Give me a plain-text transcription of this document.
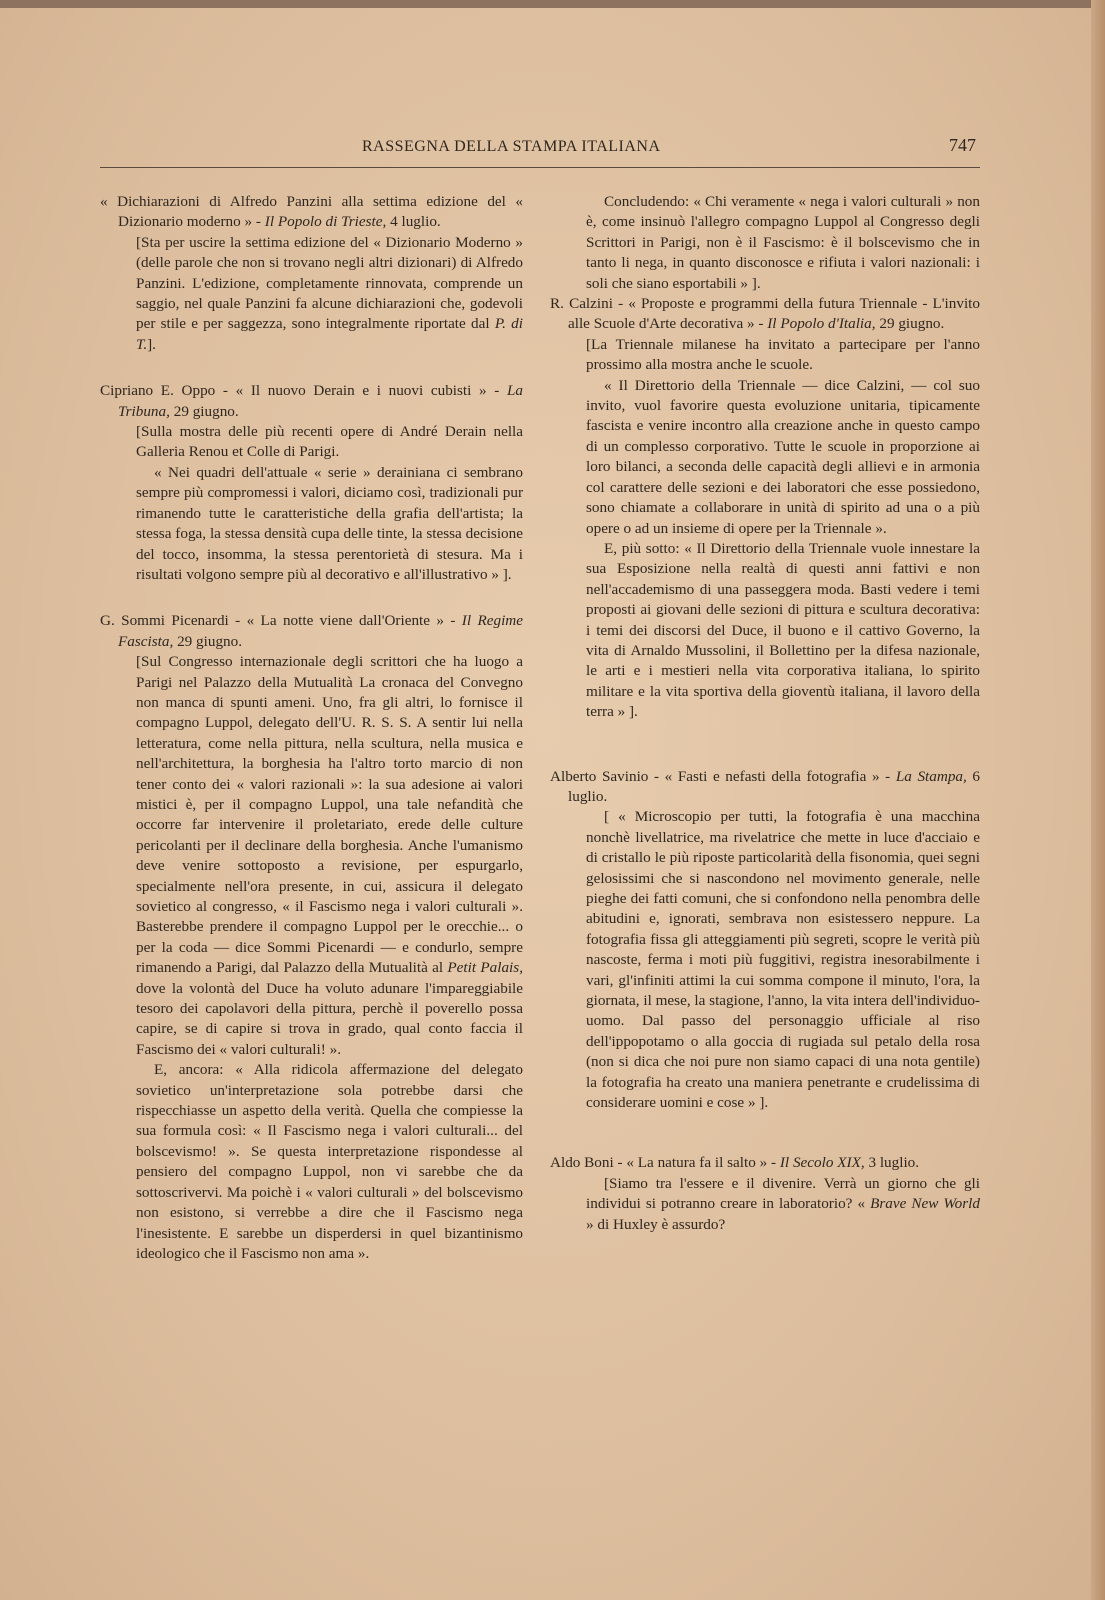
RASSEGNA DELLA STAMPA ITALIANA	747

« Dichiarazioni di Alfredo Panzini alla settima edizione del « Dizionario moderno » - Il Popolo di Trieste, 4 luglio.

[Sta per uscire la settima edizione del « Dizionario Moderno » (delle parole che non si trovano negli altri dizionari) di Alfredo Panzini. L'edizione, completamente rinnovata, comprende un saggio, nel quale Panzini fa alcune dichiarazioni che, godevoli per stile e per saggezza, sono integralmente riportate dal P. di T.].

Cipriano E. Oppo - « Il nuovo Derain e i nuovi cubisti » - La Tribuna, 29 giugno.

[Sulla mostra delle più recenti opere di André Derain nella Galleria Renou et Colle di Parigi.

« Nei quadri dell'attuale « serie » derainiana ci sembrano sempre più compromessi i valori, diciamo così, tradizionali pur rimanendo tutte le caratteristiche della grafia dell'artista; la stessa foga, la stessa densità cupa delle tinte, la stessa decisione del tocco, insomma, la stessa perentorietà di stesura. Ma i risultati volgono sempre più al decorativo e all'illustrativo » ].

G. Sommi Picenardi - « La notte viene dall'Oriente » - Il Regime Fascista, 29 giugno.

[Sul Congresso internazionale degli scrittori che ha luogo a Parigi nel Palazzo della Mutualità La cronaca del Convegno non manca di spunti ameni. Uno, fra gli altri, lo fornisce il compagno Luppol, delegato dell'U. R. S. S. A sentir lui nella letteratura, come nella pittura, nella scultura, nella musica e nell'architettura, la borghesia ha l'altro torto marcio di non tener conto dei « valori razionali »: la sua adesione ai valori mistici è, per il compagno Luppol, una tale nefandità che occorre far intervenire il proletariato, erede delle culture pericolanti per il declinare della borghesia. Anche l'umanismo deve venire sottoposto a revisione, per espurgarlo, specialmente nell'ora presente, in cui, assicura il delegato sovietico al congresso, « il Fascismo nega i valori culturali ». Basterebbe prendere il compagno Luppol per le orecchie... o per la coda — dice Sommi Picenardi — e condurlo, sempre rimanendo a Parigi, dal Palazzo della Mutualità al Petit Palais, dove la volontà del Duce ha voluto adunare l'impareggiabile tesoro dei capolavori della pittura, perchè il poverello possa capire, se di capire si trova in grado, qual conto faccia il Fascismo dei « valori culturali! ».

E, ancora: « Alla ridicola affermazione del delegato sovietico un'interpretazione sola potrebbe darsi che rispecchiasse un aspetto della verità. Quella che compiesse la sua formula così: « Il Fascismo nega i valori culturali... del bolscevismo! ». Se questa interpretazione rispondesse al pensiero del compagno Luppol, non vi sarebbe che da sottoscrivervi. Ma poichè i « valori culturali » del bolscevismo non esistono, si verrebbe a dire che il Fascismo nega l'inesistente. E sarebbe un disperdersi in quel bizantinismo ideologico che il Fascismo non ama ».

Concludendo: « Chi veramente « nega i valori culturali » non è, come insinuò l'allegro compagno Luppol al Congresso degli Scrittori in Parigi, non è il Fascismo: è il bolscevismo che in tanto li nega, in quanto disconosce e rifiuta i valori nazionali: i soli che siano esportabili » ].

R. Calzini - « Proposte e programmi della futura Triennale - L'invito alle Scuole d'Arte decorativa » - Il Popolo d'Italia, 29 giugno.

[La Triennale milanese ha invitato a partecipare per l'anno prossimo alla mostra anche le scuole.

« Il Direttorio della Triennale — dice Calzini, — col suo invito, vuol favorire questa evoluzione unitaria, tipicamente fascista e venire incontro alla creazione anche in questo campo di un complesso corporativo. Tutte le scuole in proporzione ai loro bilanci, a seconda delle capacità degli allievi e in armonia col carattere delle sezioni e dei laboratori che esse possiedono, sono chiamate a collaborare in unità di spirito ad una o a più opere o ad un insieme di opere per la Triennale ».

E, più sotto: « Il Direttorio della Triennale vuole innestare la sua Esposizione nella realtà di questi anni fattivi e non nell'accademismo di una passeggera moda. Basti vedere i temi proposti ai giovani delle sezioni di pittura e scultura decorativa: i temi dei discorsi del Duce, il buono e il cattivo Governo, la vita di Arnaldo Mussolini, il Bollettino per la difesa nazionale, le arti e i mestieri nella vita corporativa italiana, lo spirito militare e la vita sportiva della gioventù italiana, il lavoro della terra » ].

Alberto Savinio - « Fasti e nefasti della fotografia » - La Stampa, 6 luglio.

[ « Microscopio per tutti, la fotografia è una macchina nonchè livellatrice, ma rivelatrice che mette in luce d'acciaio e di cristallo le più riposte particolarità della fisonomia, quei segni gelosissimi che si nascondono nel movimento generale, nelle pieghe dei fatti comuni, che si confondono nella penombra delle abitudini e, ignorati, sembrava non esistessero neppure. La fotografia fissa gli atteggiamenti più segreti, scopre le verità più nascoste, ferma i moti più fuggitivi, registra inesorabilmente i vari, gl'infiniti attimi la cui somma compone il minuto, l'ora, la giornata, il mese, la stagione, l'anno, la vita intera dell'individuo-uomo. Dal passo del personaggio ufficiale al riso dell'ippopotamo o alla goccia di rugiada sul petalo della rosa (non si dica che noi pure non siamo capaci di una nota gentile) la fotografia ha creato una maniera penetrante e crudelissima di considerare uomini e cose » ].

Aldo Boni - « La natura fa il salto » - Il Secolo XIX, 3 luglio.

[Siamo tra l'essere e il divenire. Verrà un giorno che gli individui si potranno creare in laboratorio? « Brave New World » di Huxley è assurdo?
